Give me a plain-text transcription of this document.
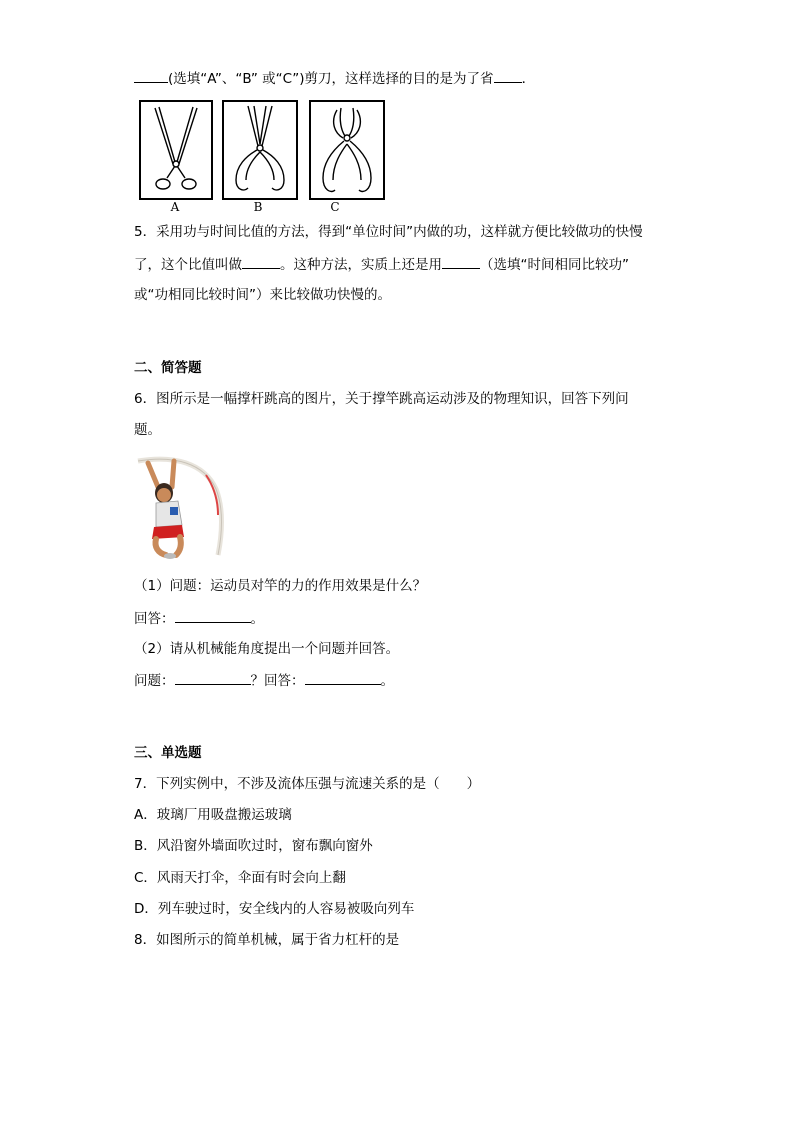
(选填“A”、“B” 或“C”)剪刀，这样选择的目的是为了省 ．
A	B	C
5．采用功与时间比值的方法，得到“单位时间”内做的功，这样就方便比较做功的快慢
了，这个比值叫做	。这种方法，实质上还是用	（选填“时间相同比较功”
或“功相同比较时间”）来比较做功快慢的。
二、简答题
6．图所示是一幅撑杆跳高的图片，关于撑竿跳高运动涉及的物理知识，回答下列问
题。
（1）问题：运动员对竿的力的作用效果是什么？
回答：	。
（2）请从机械能角度提出一个问题并回答。
问题：	？回答：	。
三、单选题
7．下列实例中，不涉及流体压强与流速关系的是（　　）
A．玻璃厂用吸盘搬运玻璃
B．风沿窗外墙面吹过时，窗布飘向窗外
C．风雨天打伞，伞面有时会向上翻
D．列车驶过时，安全线内的人容易被吸向列车
8．如图所示的简单机械，属于省力杠杆的是
